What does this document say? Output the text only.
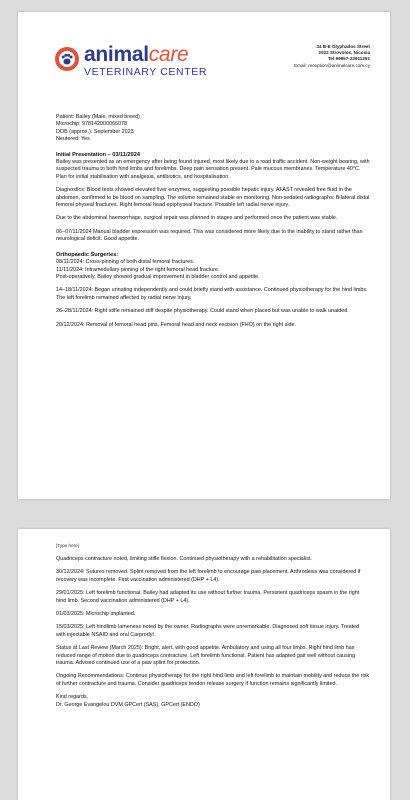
animalcare
VETERINARY CENTER
34 B-E Glyphados Street
2022 Strovolos, Nicosia
Tel 99957-22911251
Email: reception@animalcare.com.cy
Patient: Bailey (Male, mixed breed)
Microchip: 978142000066078
DOB (approx.): September 2023
Neutered: Yes
Initial Presentation – 03/11/2024

Bailey was presented as an emergency after being found injured, most likely due to a road traffic accident. Non-weight bearing, with suspected trauma to both hind limbs and forelimbs. Deep pain sensation present. Pale mucous membranes. Temperature 40°C. Plan for initial stabilisation with analgesia, antibiotics, and hospitalisation.

Diagnostics: Blood tests showed elevated liver enzymes, suggesting possible hepatic injury. AFAST revealed free fluid in the abdomen, confirmed to be blood on sampling. The volume remained stable on monitoring. Non-sedated radiographs: Bilateral distal femoral physeal fractures. Right femoral head epiphyseal fracture. Possible left radial nerve injury.

Due to the abdominal haemorrhage, surgical repair was planned in stages and performed once the patient was stable.

06–07/11/2024 Manual bladder expression was required. This was considered more likely due to the inability to stand rather than neurological deficit. Good appetite.

Orthopaedic Surgeries:

08/11/2024: Cross-pinning of both distal femoral fractures.

11/11/2024: Intramedullary pinning of the right femoral head fracture.

Post-operatively, Bailey showed gradual improvement in bladder control and appetite.

14–18/11/2024: Began urinating independently and could briefly stand with assistance. Continued physiotherapy for the hind limbs. The left forelimb remained affected by radial nerve injury.

26–28/11/2024: Right stifle remained stiff despite physiotherapy. Could stand when placed but was unable to walk unaided.

20/12/2024: Removal of femoral head pins. Femoral head and neck excision (FHO) on the right side.

[Type here]

Quadriceps contracture noted, limiting stifle flexion. Continued physiotherapy with a rehabilitation specialist.

30/12/2024: Sutures removed. Splint removed from the left forelimb to encourage paw placement. Arthrodesis was considered if recovery was incomplete. First vaccination administered (DHP + L4).

29/01/2025: Left forelimb functional. Bailey had adapted its use without further trauma. Persistent quadriceps spasm in the right hind limb. Second vaccination administered (DHP + L4).

01/03/2025: Microchip implanted.

15/03/2025: Left hindlimb lameness noted by the owner. Radiographs were unremarkable. Diagnosed soft tissue injury. Treated with injectable NSAID and oral Carprodyl.

Status at Last Review (March 2025): Bright, alert, with good appetite. Ambulatory and using all four limbs. Right hind limb has reduced range of motion due to quadriceps contracture. Left forelimb functional. Patient has adapted gait well without causing trauma. Advised continued use of a paw splint for protection.

Ongoing Recommendations: Continue physiotherapy for the right hind limb and left forelimb to maintain mobility and reduce the risk of further contracture and trauma. Consider quadriceps tendon release surgery if function remains significantly limited.

Kind regards,

Dr. George Evangelou DVM GPCert (SAS), GPCert (ENDO)
